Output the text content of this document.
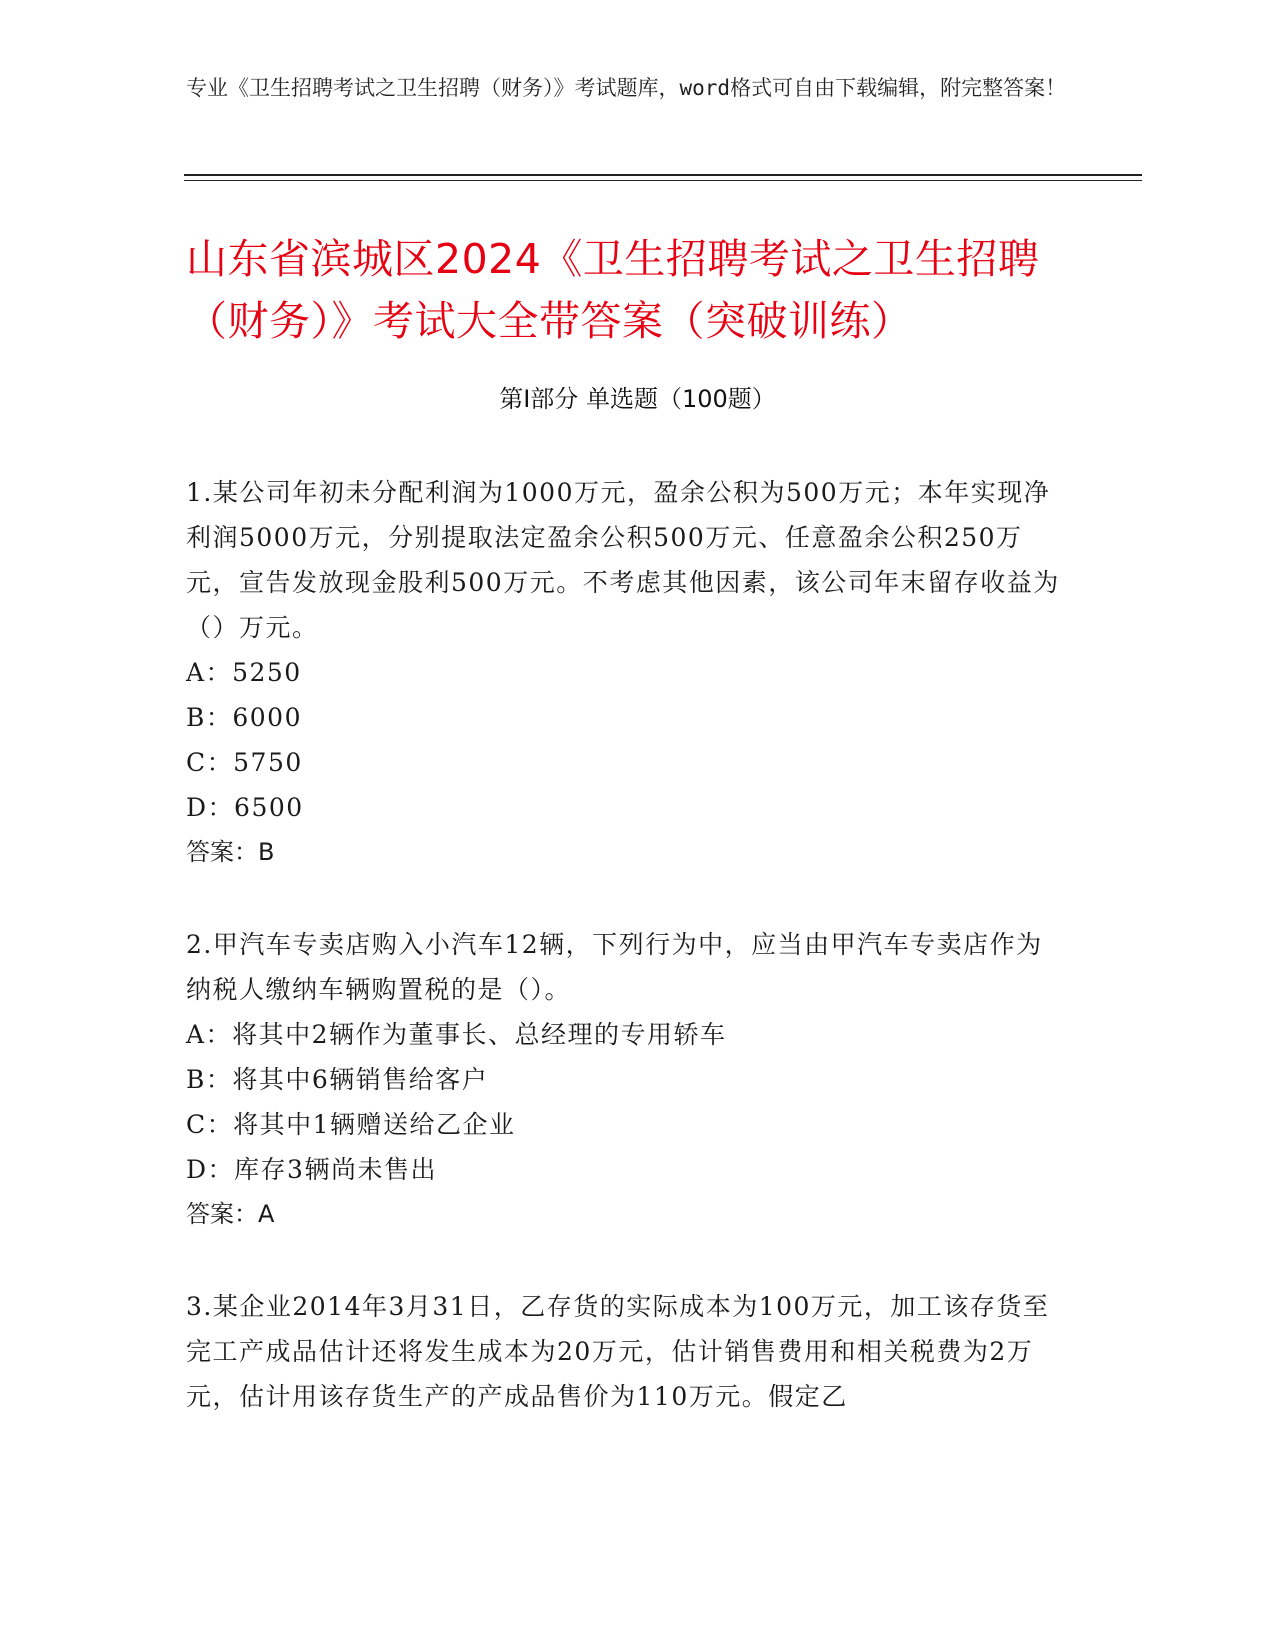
专业《卫生招聘考试之卫生招聘（财务）》考试题库，word格式可自由下载编辑，附完整答案！
山东省滨城区2024《卫生招聘考试之卫生招聘（财务）》考试大全带答案（突破训练）
第I部分 单选题（100题）
1.某公司年初未分配利润为1000万元，盈余公积为500万元；本年实现净利润5000万元，分别提取法定盈余公积500万元、任意盈余公积250万元，宣告发放现金股利500万元。不考虑其他因素，该公司年末留存收益为（）万元。
A：5250
B：6000
C：5750
D：6500
答案：B
2.甲汽车专卖店购入小汽车12辆，下列行为中，应当由甲汽车专卖店作为纳税人缴纳车辆购置税的是（）。
A：将其中2辆作为董事长、总经理的专用轿车
B：将其中6辆销售给客户
C：将其中1辆赠送给乙企业
D：库存3辆尚未售出
答案：A
3.某企业2014年3月31日，乙存货的实际成本为100万元，加工该存货至完工产成品估计还将发生成本为20万元，估计销售费用和相关税费为2万元，估计用该存货生产的产成品售价为110万元。假定乙
